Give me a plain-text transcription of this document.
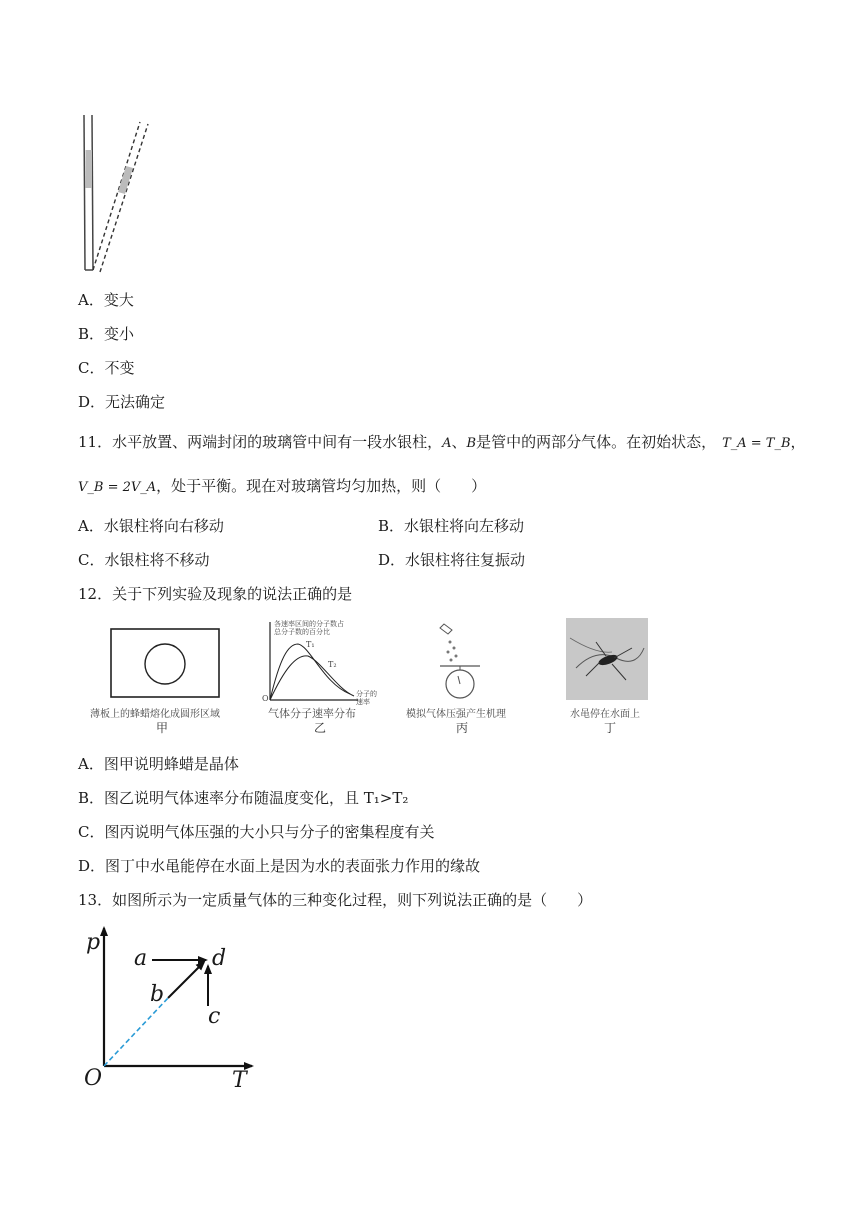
A．变大
B．变小
C．不变
D．无法确定
11．水平放置、两端封闭的玻璃管中间有一段水银柱，A、B是管中的两部分气体。在初始状态， T_A = T_B，
V_B = 2V_A，处于平衡。现在对玻璃管均匀加热，则（　　）
A．水银柱将向右移动	B．水银柱将向左移动
C．水银柱将不移动	D．水银柱将往复振动
12．关于下列实验及现象的说法正确的是
薄板上的蜂蜡熔化成圆形区域
甲
各速率区间的分子数占总分子数的百分比
T₁
T₂
O	分子的速率
气体分子速率分布
乙
模拟气体压强产生机理
丙
水黾停在水面上
丁
A．图甲说明蜂蜡是晶体
B．图乙说明气体速率分布随温度变化，且 T₁>T₂
C．图丙说明气体压强的大小只与分子的密集程度有关
D．图丁中水黾能停在水面上是因为水的表面张力作用的缘故
13．如图所示为一定质量气体的三种变化过程，则下列说法正确的是（　　）
p
T
O
a
b
c
d
